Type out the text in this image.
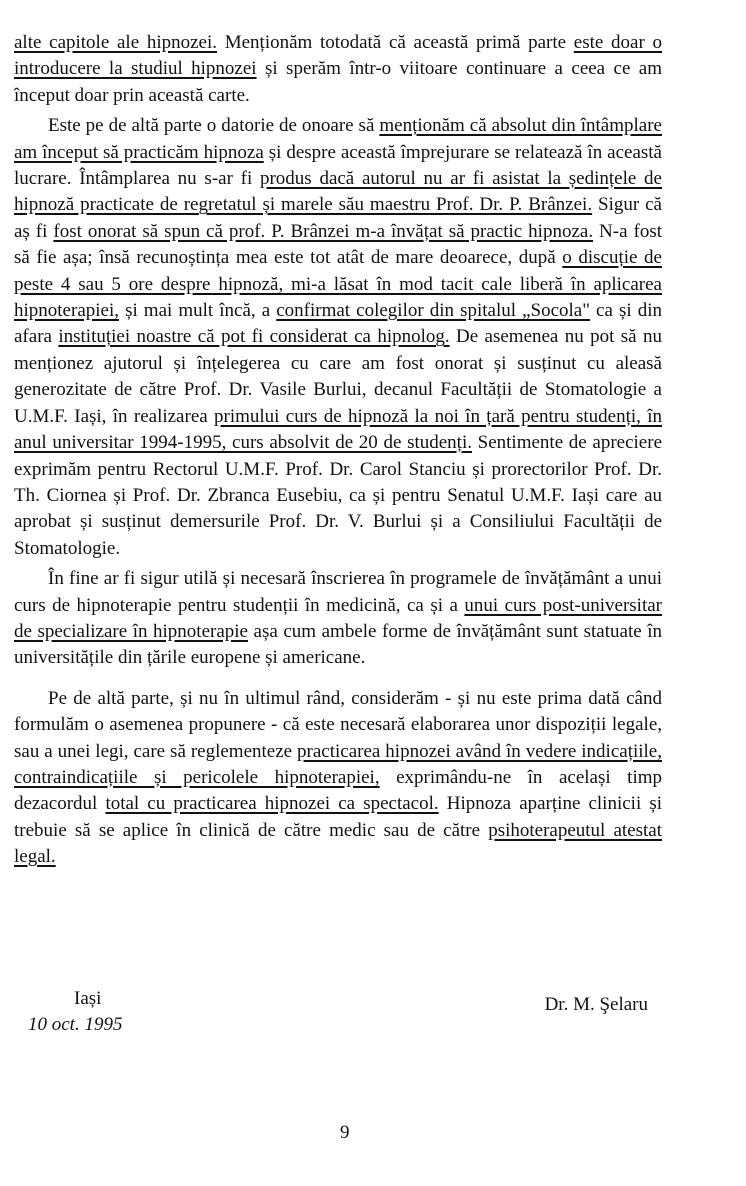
alte capitole ale hipnozei. Menționăm totodată că această primă parte este doar o introducere la studiul hipnozei și sperăm într-o viitoare continuare a ceea ce am început doar prin această carte.

Este pe de altă parte o datorie de onoare să menționăm că absolut din întâmplare am început să practicăm hipnoza și despre această împrejurare se relatează în această lucrare. Întâmplarea nu s-ar fi produs dacă autorul nu ar fi asistat la ședințele de hipnoză practicate de regretatul și marele său maestru Prof. Dr. P. Brânzei. Sigur că aș fi fost onorat să spun că prof. P. Brânzei m-a învățat să practic hipnoza. N-a fost să fie așa; însă recunoștința mea este tot atât de mare deoarece, după o discuție de peste 4 sau 5 ore despre hipnoză, mi-a lăsat în mod tacit cale liberă în aplicarea hipnoterapiei, și mai mult încă, a confirmat colegilor din spitalul „Socola" ca și din afara instituției noastre că pot fi considerat ca hipnolog. De asemenea nu pot să nu menționez ajutorul și înțelegerea cu care am fost onorat și susținut cu aleasă generozitate de către Prof. Dr. Vasile Burlui, decanul Facultății de Stomatologie a U.M.F. Iași, în realizarea primului curs de hipnoză la noi în țară pentru studenți, în anul universitar 1994-1995, curs absolvit de 20 de studenți. Sentimente de apreciere exprimăm pentru Rectorul U.M.F. Prof. Dr. Carol Stanciu și prorectorilor Prof. Dr. Th. Ciornea și Prof. Dr. Zbranca Eusebiu, ca și pentru Senatul U.M.F. Iași care au aprobat și susținut demersurile Prof. Dr. V. Burlui și a Consiliului Facultății de Stomatologie.

În fine ar fi sigur utilă și necesară înscrierea în programele de învățământ a unui curs de hipnoterapie pentru studenții în medicină, ca și a unui curs post-universitar de specializare în hipnoterapie așa cum ambele forme de învățământ sunt statuate în universitățile din țările europene și americane.

Pe de altă parte, și nu în ultimul rând, considerăm - și nu este prima dată când formulăm o asemenea propunere - că este necesară elaborarea unor dispoziții legale, sau a unei legi, care să reglementeze practicarea hipnozei având în vedere indicațiile, contraindicațiile și pericolele hipnoterapiei, exprimându-ne în același timp dezacordul total cu practicarea hipnozei ca spectacol. Hipnoza aparține clinicii și trebuie să se aplice în clinică de către medic sau de către psihoterapeutul atestat legal.

Iași
10 oct. 1995
Dr. M. Şelaru
9
